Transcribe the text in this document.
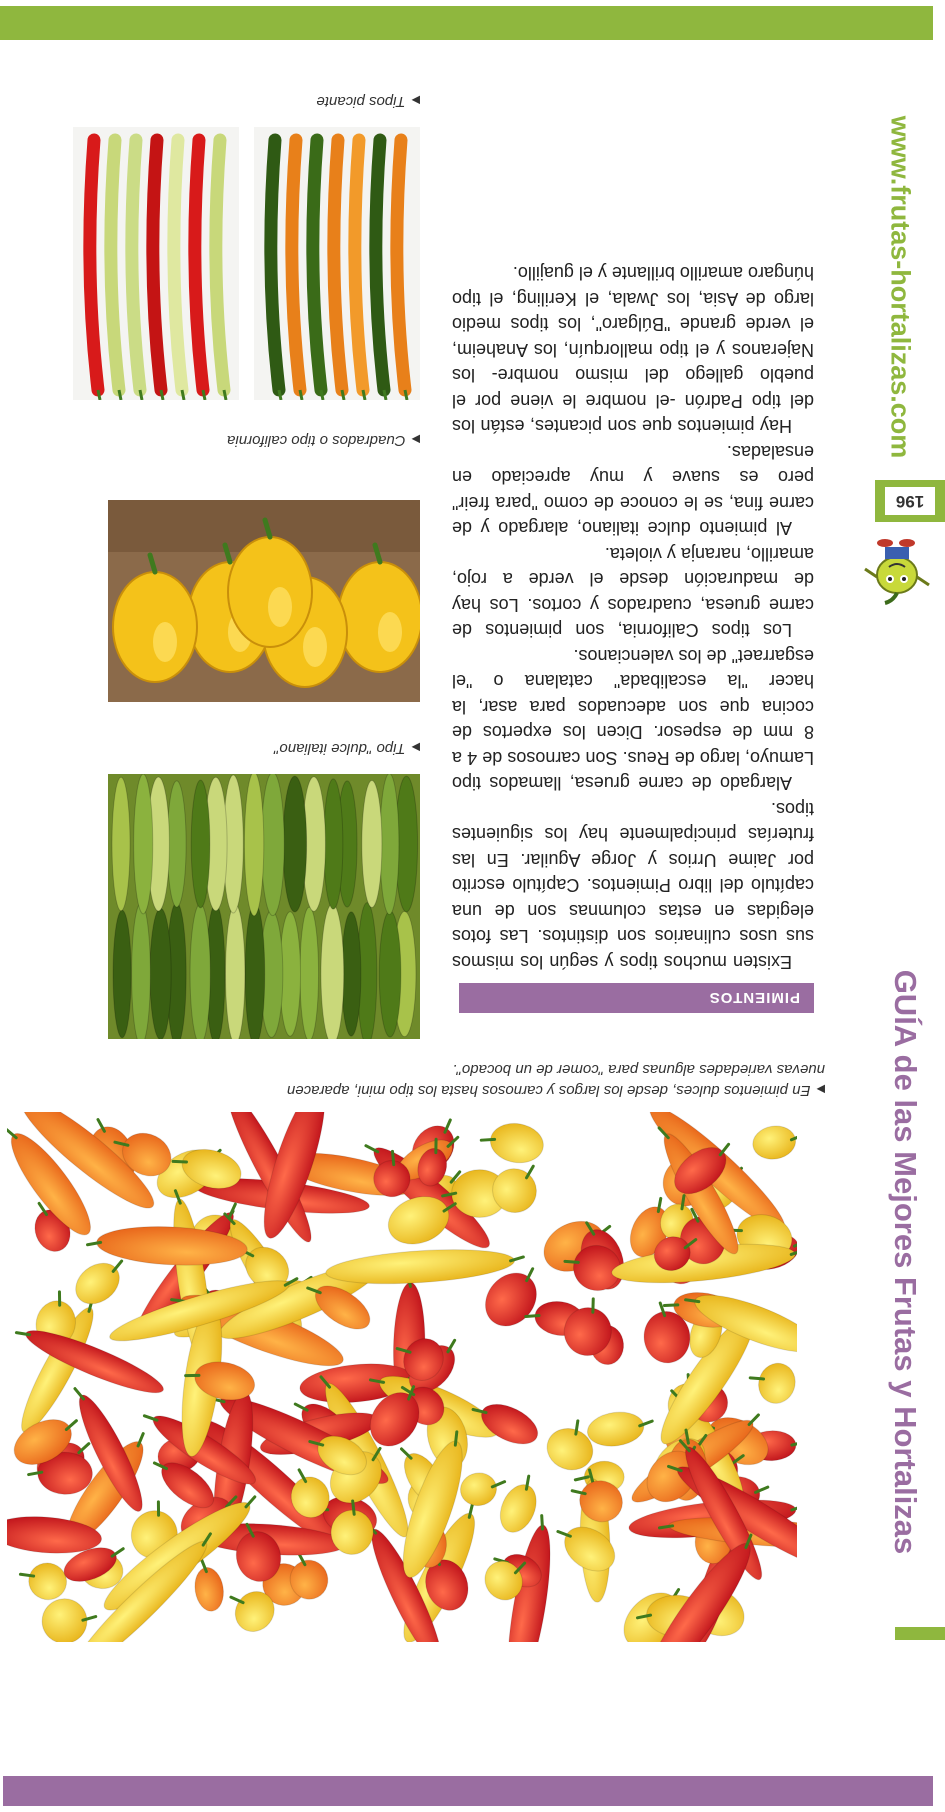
GUÍA de las Mejores Frutas y Hortalizas
www.frutas-hortalizas.com
196
▶En pimientos dulces, desde los largos y carnosos hasta los tipo mini, aparacen nuevas variedades algunas para "comer de un bocado".
PIMIENTOS

Existen muchos tipos y según los mismos sus usos culinarios son distintos. Las fotos elegidas en estas columnas son de una capítulo del libro Pimientos. Capítulo escrito por Jaime Urrios y Jorge Aguilar. En las fruterías principalmente hay los siguientes tipos.

Alargado de carne gruesa, llamados tipo Lamuyo, largo de Reus. Son carnosos de 4 a 8 mm de espesor. Dicen los expertos de cocina que son adecuados para asar, la hacer "la escalibada" catalana o "el esgarraet" de los valencianos.

Los tipos California, son pimientos de carne gruesa, cuadrados y cortos. Los hay de maduración desde el verde a rojo, amarillo, naranja y violeta.

Al pimiento dulce italiano, alargado y de carne fina, se le conoce de como "para freir" pero es suave y muy apreciado en ensaladas.

Hay pimientos que son picantes, están los del tipo Padrón -el nombre le viene por el pueblo gallego del mismo nombre- los Najeranos y el tipo mallorquín, los Anaheim, el verde grande "Búlgaro", los tipos medio largo de Asia, los Jwala, el Keriling, el tipo húngaro amarillo brillante y el guajillo.

▶Tipo "dulce italiano"
▶Cuadrados o tipo california
▶Tipos picante
